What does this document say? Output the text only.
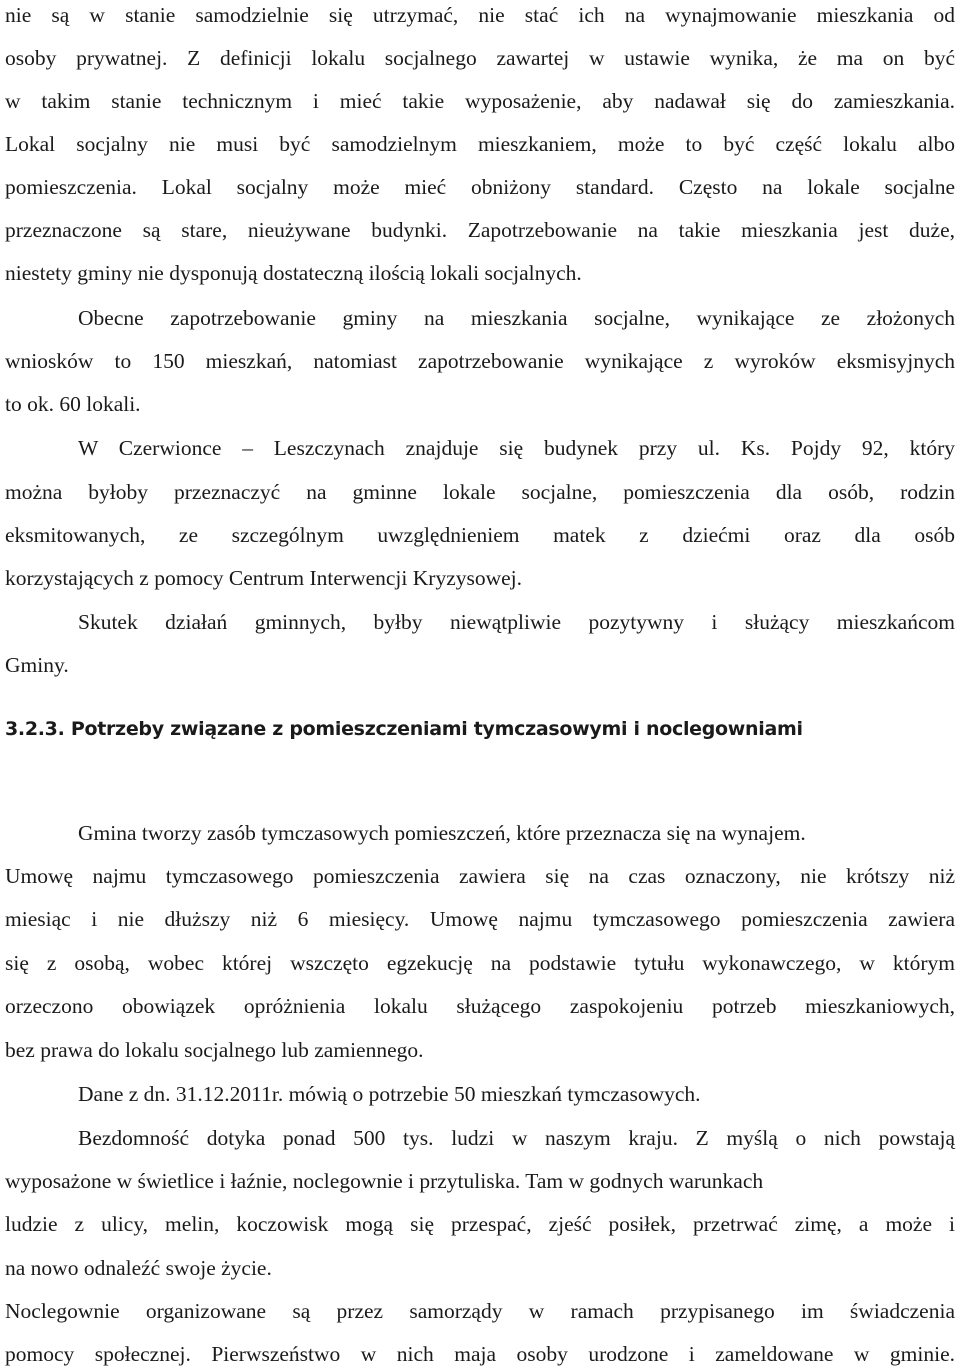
nie są w stanie samodzielnie się utrzymać, nie stać ich na wynajmowanie mieszkania od
osoby prywatnej. Z definicji lokalu socjalnego zawartej w ustawie wynika, że ma on być
w takim stanie technicznym i mieć takie wyposażenie, aby nadawał się do zamieszkania.
Lokal socjalny nie musi być samodzielnym mieszkaniem, może to być część lokalu albo
pomieszczenia. Lokal socjalny może mieć obniżony standard. Często na lokale socjalne
przeznaczone są stare, nieużywane budynki. Zapotrzebowanie na takie mieszkania jest duże,
niestety gminy nie dysponują dostateczną ilością lokali socjalnych.
Obecne zapotrzebowanie gminy na mieszkania socjalne, wynikające ze złożonych
wniosków to 150 mieszkań, natomiast zapotrzebowanie wynikające z wyroków eksmisyjnych
to ok. 60 lokali.
W Czerwionce – Leszczynach znajduje się budynek przy ul. Ks. Pojdy 92, który
można byłoby przeznaczyć na gminne lokale socjalne, pomieszczenia dla osób, rodzin
eksmitowanych, ze szczególnym uwzględnieniem matek z dziećmi oraz dla osób
korzystających z pomocy Centrum Interwencji Kryzysowej.
Skutek działań gminnych, byłby niewątpliwie pozytywny i służący mieszkańcom
Gminy.
3.2.3. Potrzeby związane z pomieszczeniami tymczasowymi i noclegowniami
Gmina tworzy zasób tymczasowych pomieszczeń, które przeznacza się na wynajem.
Umowę najmu tymczasowego pomieszczenia zawiera się na czas oznaczony, nie krótszy niż
miesiąc i nie dłuższy niż 6 miesięcy. Umowę najmu tymczasowego pomieszczenia zawiera
się z osobą, wobec której wszczęto egzekucję na podstawie tytułu wykonawczego, w którym
orzeczono obowiązek opróżnienia lokalu służącego zaspokojeniu potrzeb mieszkaniowych,
bez prawa do lokalu socjalnego lub zamiennego.
Dane z dn. 31.12.2011r. mówią o potrzebie 50 mieszkań tymczasowych.
Bezdomność dotyka ponad 500 tys. ludzi w naszym kraju. Z myślą o nich powstają
wyposażone w świetlice i łaźnie, noclegownie i przytuliska. Tam w godnych warunkach
ludzie z ulicy, melin, koczowisk mogą się przespać, zjeść posiłek, przetrwać zimę, a może i
na nowo odnaleźć swoje życie.
Noclegownie organizowane są przez samorządy w ramach przypisanego im świadczenia
pomocy społecznej. Pierwszeństwo w nich maja osoby urodzone i zameldowane w gminie.
